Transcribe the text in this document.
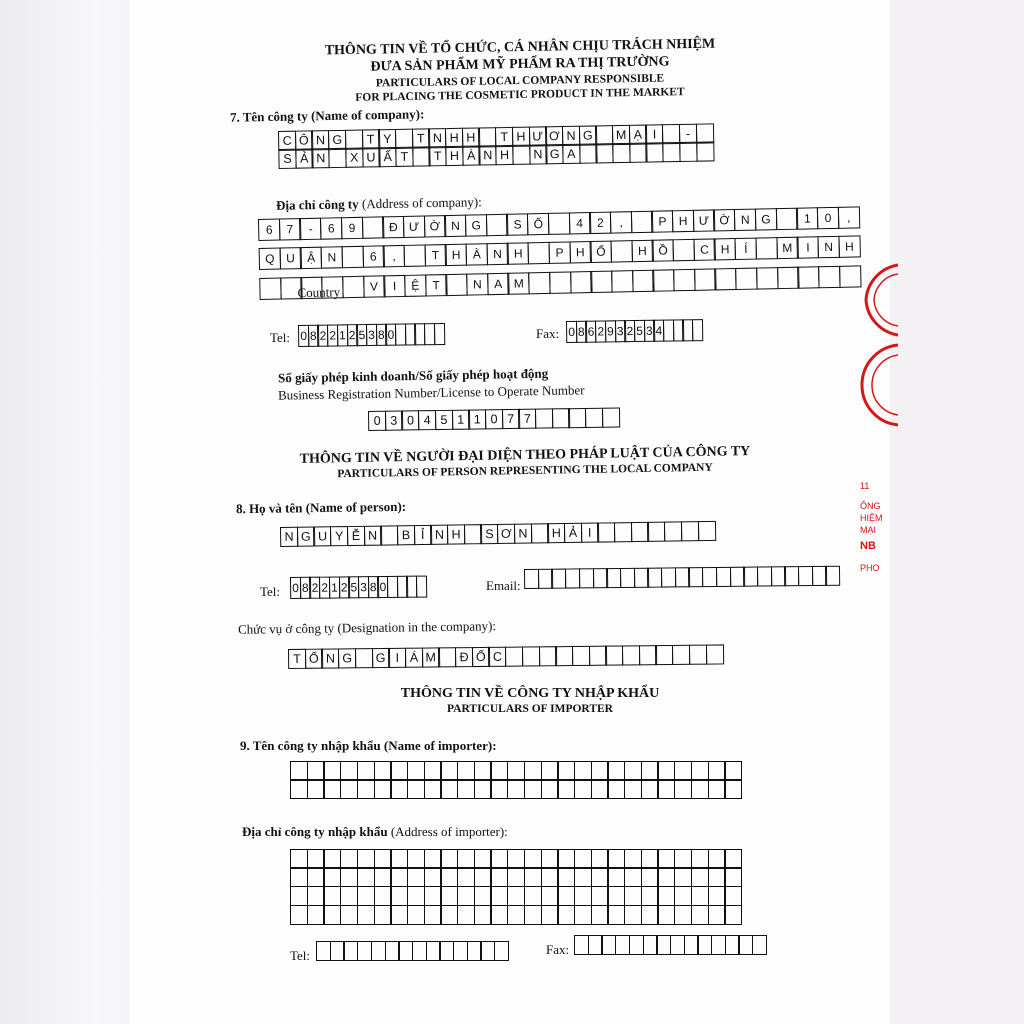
THÔNG TIN VỀ TỔ CHỨC, CÁ NHÂN CHỊU TRÁCH NHIỆM
ĐƯA SẢN PHẨM MỸ PHẨM RA THỊ TRƯỜNG
PARTICULARS OF LOCAL COMPANY RESPONSIBLE
FOR PLACING THE COSMETIC PRODUCT IN THE MARKET
7. Tên công ty (Name of company):
C Ô N G	T Y	T N H H	T H Ư Ơ N G	M Ạ I	-
S Ả N	X U Ấ T	T H À N H	N G A
Địa chỉ công ty (Address of company):
6	7	-	6	9	Đ Ư Ờ N G	S Ố	4	2	,	P	H Ư Ờ N G	1	0	,
Q U	Ậ	N	6	,	T	H	À	N H	P	H Ố	H Ồ	C H	Í	M	I	N H
V	I	Ệ	T	N	A M
Country
Tel: 0 8 2 2 1 2 5 3 8 0	Fax: 0 8 6 2 9 3 2 5 3 4
Số giấy phép kinh doanh/Số giấy phép hoạt động
Business Registration Number/License to Operate Number
0 3 0 4 5 1 1 0 7 7
THÔNG TIN VỀ NGƯỜI ĐẠI DIỆN THEO PHÁP LUẬT CỦA CÔNG TY
PARTICULARS OF PERSON REPRESENTING THE LOCAL COMPANY
8. Họ và tên (Name of person):
N G U Y Ễ N	B Ỉ N H	S Ơ N	H Ả I
Tel: 0 8 2 2 1 2 5 3 8 0	Email:
Chức vụ ở công ty (Designation in the company):
T Ổ N G	G I Á M	Đ Ố C
THÔNG TIN VỀ CÔNG TY NHẬP KHẨU
PARTICULARS OF IMPORTER
9. Tên công ty nhập khẩu (Name of importer):
Địa chỉ công ty nhập khẩu (Address of importer):
Tel:	Fax:
11
ÔNG
HIỆM
MẠI
NB
PHO
